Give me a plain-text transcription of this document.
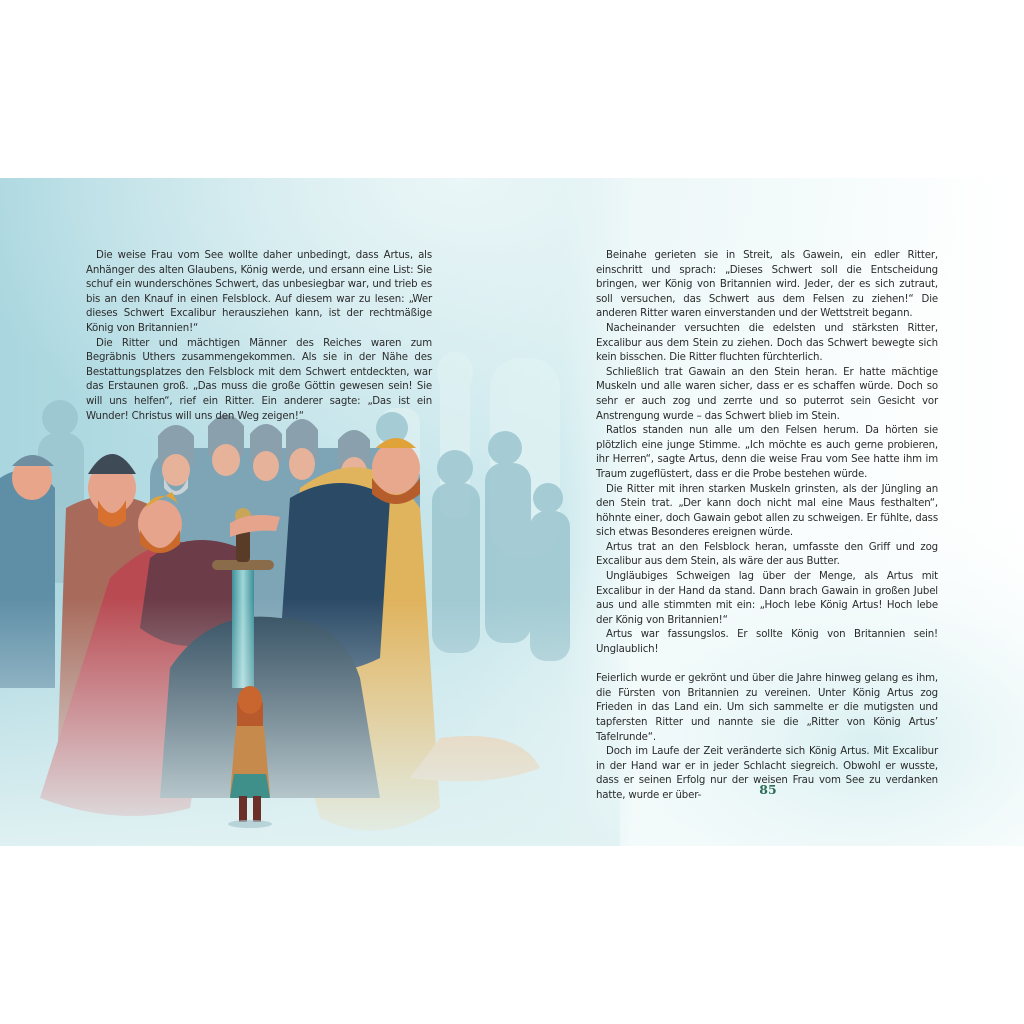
Die weise Frau vom See wollte daher unbedingt, dass Artus, als Anhänger des alten Glaubens, König werde, und ersann eine List: Sie schuf ein wunderschönes Schwert, das unbesiegbar war, und trieb es bis an den Knauf in einen Felsblock. Auf diesem war zu lesen: „Wer dieses Schwert Excalibur herausziehen kann, ist der rechtmäßige König von Britannien!“

Die Ritter und mächtigen Männer des Reiches waren zum Begräbnis Uthers zusammengekommen. Als sie in der Nähe des Bestattungsplatzes den Felsblock mit dem Schwert entdeckten, war das Erstaunen groß. „Das muss die große Göttin gewesen sein! Sie will uns helfen“, rief ein Ritter. Ein anderer sagte: „Das ist ein Wunder! Christus will uns den Weg zeigen!“

Beinahe gerieten sie in Streit, als Gawein, ein edler Ritter, einschritt und sprach: „Dieses Schwert soll die Entscheidung bringen, wer König von Britannien wird. Jeder, der es sich zutraut, soll versuchen, das Schwert aus dem Felsen zu ziehen!“ Die anderen Ritter waren einverstanden und der Wettstreit begann.

Nacheinander versuchten die edelsten und stärksten Ritter, Excalibur aus dem Stein zu ziehen. Doch das Schwert bewegte sich kein bisschen. Die Ritter fluchten fürchterlich.

Schließlich trat Gawain an den Stein heran. Er hatte mächtige Muskeln und alle waren sicher, dass er es schaffen würde. Doch so sehr er auch zog und zerrte und so puterrot sein Gesicht vor Anstrengung wurde – das Schwert blieb im Stein.

Ratlos standen nun alle um den Felsen herum. Da hörten sie plötzlich eine junge Stimme. „Ich möchte es auch gerne probieren, ihr Herren“, sagte Artus, denn die weise Frau vom See hatte ihm im Traum zugeflüstert, dass er die Probe bestehen würde.

Die Ritter mit ihren starken Muskeln grinsten, als der Jüngling an den Stein trat. „Der kann doch nicht mal eine Maus festhalten“, höhnte einer, doch Gawain gebot allen zu schweigen. Er fühlte, dass sich etwas Besonderes ereignen würde.

Artus trat an den Felsblock heran, umfasste den Griff und zog Excalibur aus dem Stein, als wäre der aus Butter.

Ungläubiges Schweigen lag über der Menge, als Artus mit Excalibur in der Hand da stand. Dann brach Gawain in großen Jubel aus und alle stimmten mit ein: „Hoch lebe König Artus! Hoch lebe der König von Britannien!“

Artus war fassungslos. Er sollte König von Britannien sein! Unglaublich!

Feierlich wurde er gekrönt und über die Jahre hinweg gelang es ihm, die Fürsten von Britannien zu vereinen. Unter König Artus zog Frieden in das Land ein. Um sich sammelte er die mutigsten und tapfersten Ritter und nannte sie die „Ritter von König Artus’ Tafelrunde“.

Doch im Laufe der Zeit veränderte sich König Artus. Mit Excalibur in der Hand war er in jeder Schlacht siegreich. Obwohl er wusste, dass er seinen Erfolg nur der weisen Frau vom See zu verdanken hatte, wurde er über-	85
